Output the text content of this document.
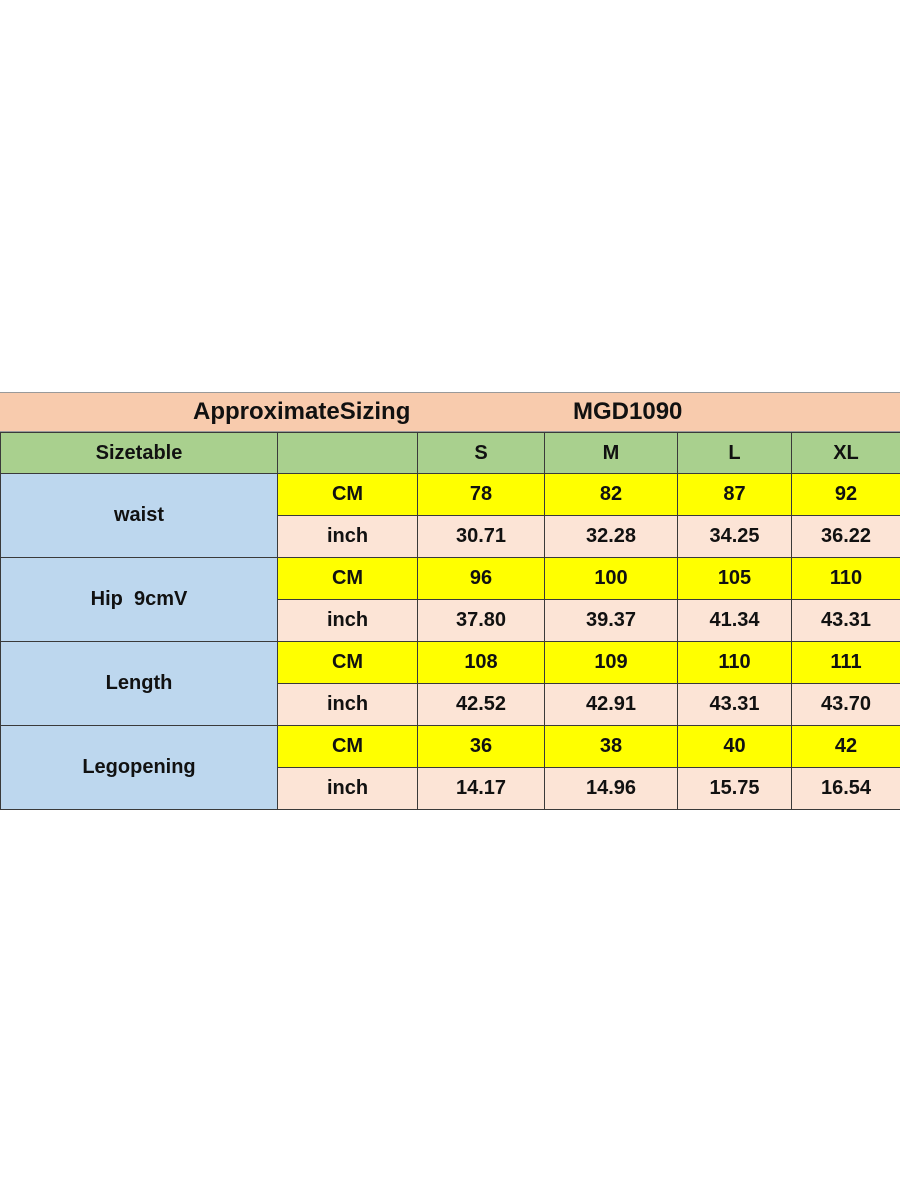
ApproximateSizing	MGD1090
Sizetable		S	M	L	XL
waist	CM	78	82	87	92
	inch	30.71	32.28	34.25	36.22
Hip  9cmV	CM	96	100	105	110
	inch	37.80	39.37	41.34	43.31
Length	CM	108	109	110	111
	inch	42.52	42.91	43.31	43.70
Legopening	CM	36	38	40	42
	inch	14.17	14.96	15.75	16.54
